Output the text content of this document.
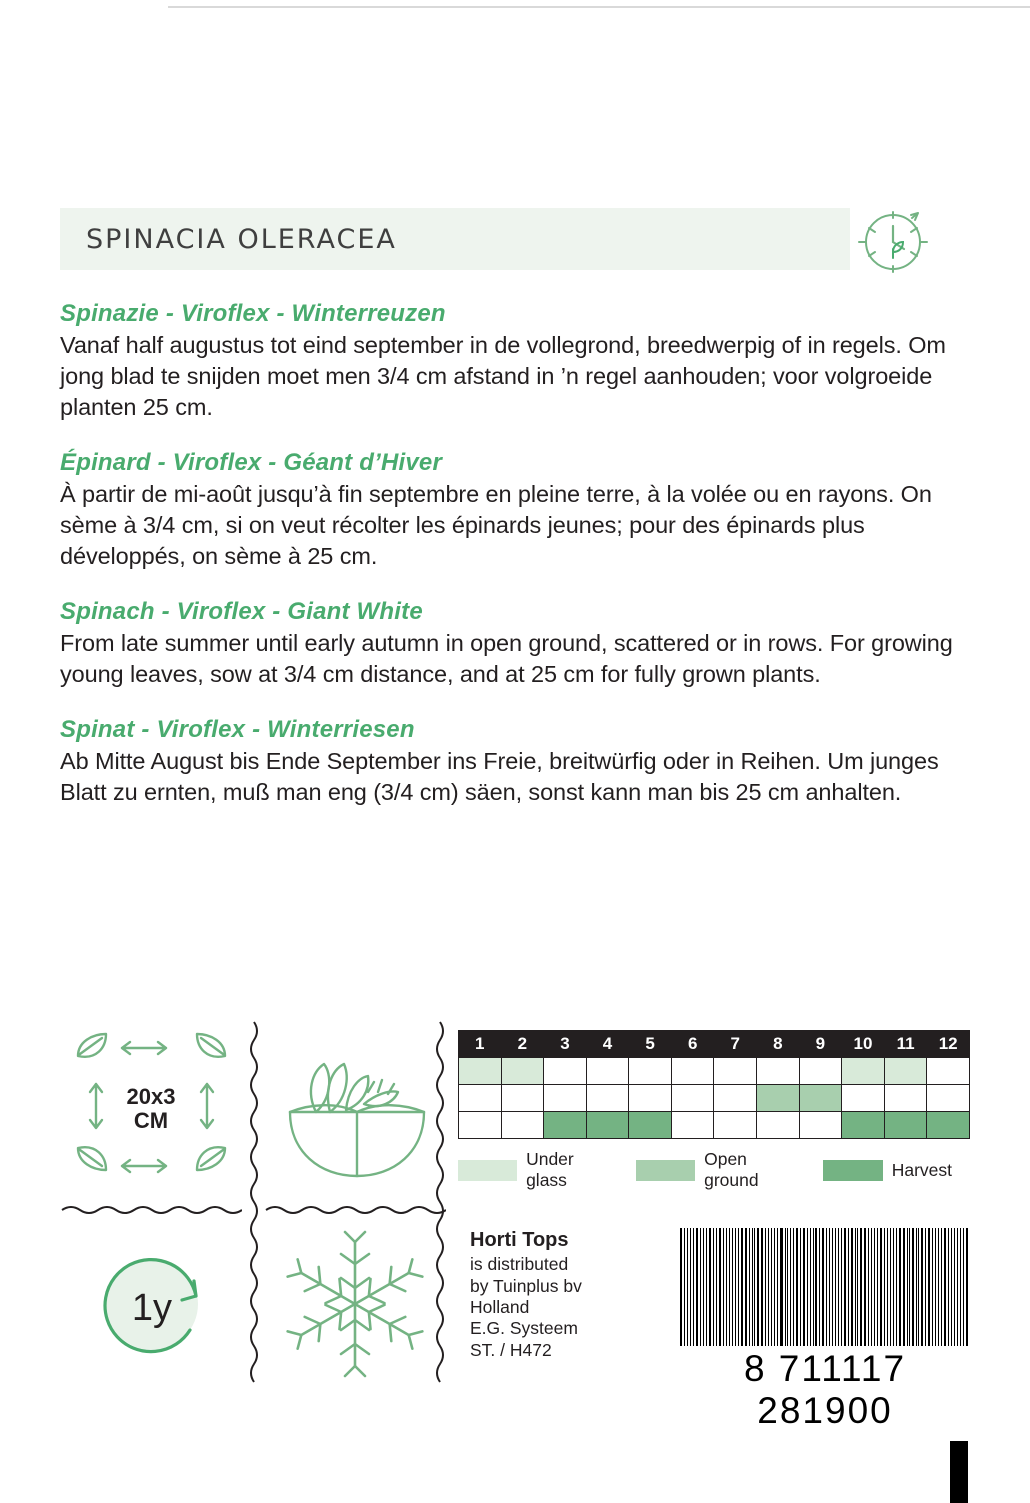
SPINACIA OLERACEA
Spinazie - Viroflex - Winterreuzen

Vanaf half augustus tot eind september in de vollegrond, breedwerpig of in regels. Om jong blad te snijden moet men 3/4 cm afstand in ’n regel aanhouden; voor volgroeide planten 25 cm.

Épinard - Viroflex - Géant d’Hiver

À partir de mi-août jusqu’à fin septembre en pleine terre, à la volée ou en rayons. On sème à 3/4 cm, si on veut récolter les épinards jeunes; pour des épinards plus développés, on sème à 25 cm.

Spinach - Viroflex - Giant White

From late summer until early autumn in open ground, scattered or in rows. For growing young leaves, sow at 3/4 cm distance, and at 25 cm for fully grown plants.

Spinat - Viroflex - Winterriesen

Ab Mitte August bis Ende September ins Freie, breitwürfig oder in Reihen. Um junges Blatt zu ernten, muß man eng (3/4 cm) säen, sonst kann man bis 25 cm anhalten.

20x3
CM
1y
1	2	3	4	5	6	7	8	9	10	11	12

Under glass
Open ground
Harvest
Horti Tops
is distributed
by Tuinplus bv
Holland
E.G. Systeem
ST. / H472	8 711117 281900
